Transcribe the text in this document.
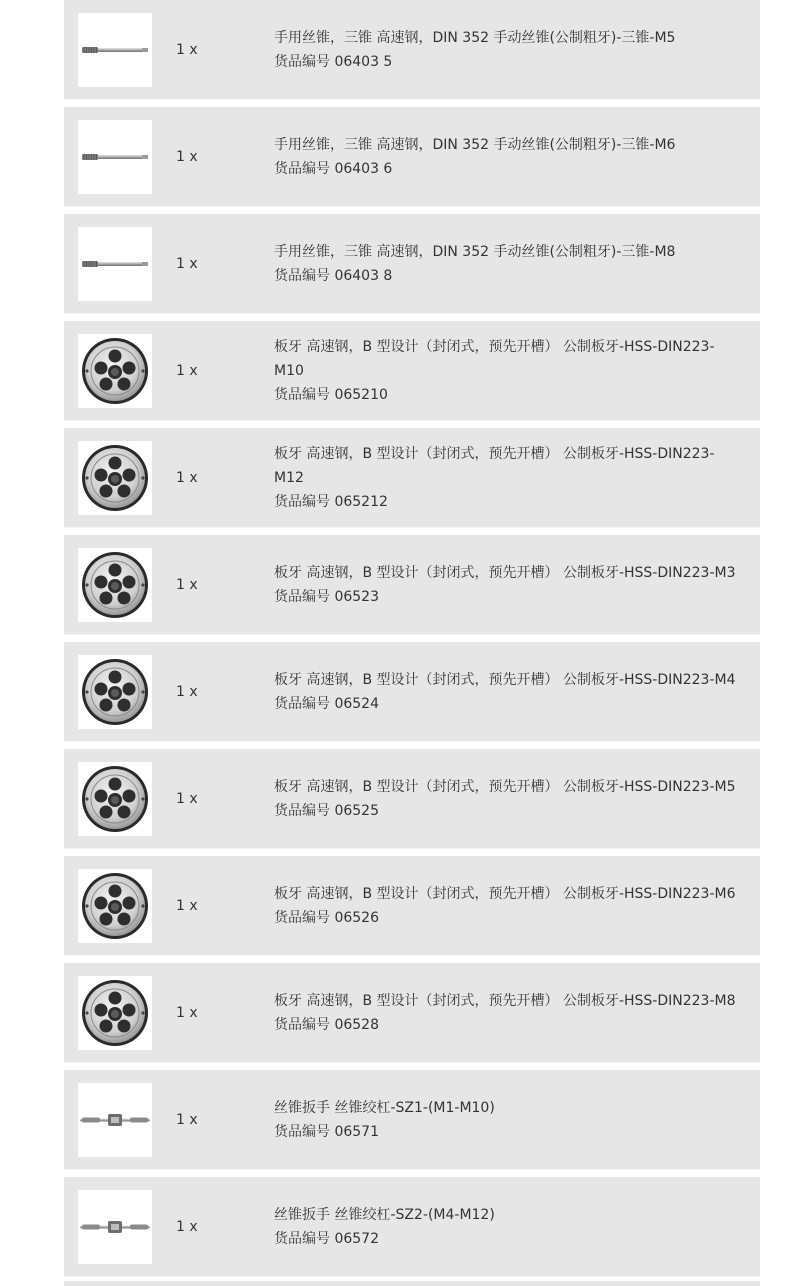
1 x
手用丝锥，三锥 高速钢，DIN 352 手动丝锥(公制粗牙)-三锥-M5
货品编号 06403 5
1 x
手用丝锥，三锥 高速钢，DIN 352 手动丝锥(公制粗牙)-三锥-M6
货品编号 06403 6
1 x
手用丝锥，三锥 高速钢，DIN 352 手动丝锥(公制粗牙)-三锥-M8
货品编号 06403 8
1 x
板牙 高速钢，B 型设计（封闭式，预先开槽） 公制板牙-HSS-DIN223-M10
货品编号 065210
1 x
板牙 高速钢，B 型设计（封闭式，预先开槽） 公制板牙-HSS-DIN223-M12
货品编号 065212
1 x
板牙 高速钢，B 型设计（封闭式，预先开槽） 公制板牙-HSS-DIN223-M3
货品编号 06523
1 x
板牙 高速钢，B 型设计（封闭式，预先开槽） 公制板牙-HSS-DIN223-M4
货品编号 06524
1 x
板牙 高速钢，B 型设计（封闭式，预先开槽） 公制板牙-HSS-DIN223-M5
货品编号 06525
1 x
板牙 高速钢，B 型设计（封闭式，预先开槽） 公制板牙-HSS-DIN223-M6
货品编号 06526
1 x
板牙 高速钢，B 型设计（封闭式，预先开槽） 公制板牙-HSS-DIN223-M8
货品编号 06528
1 x
丝锥扳手 丝锥绞杠-SZ1-(M1-M10)
货品编号 06571
1 x
丝锥扳手 丝锥绞杠-SZ2-(M4-M12)
货品编号 06572
